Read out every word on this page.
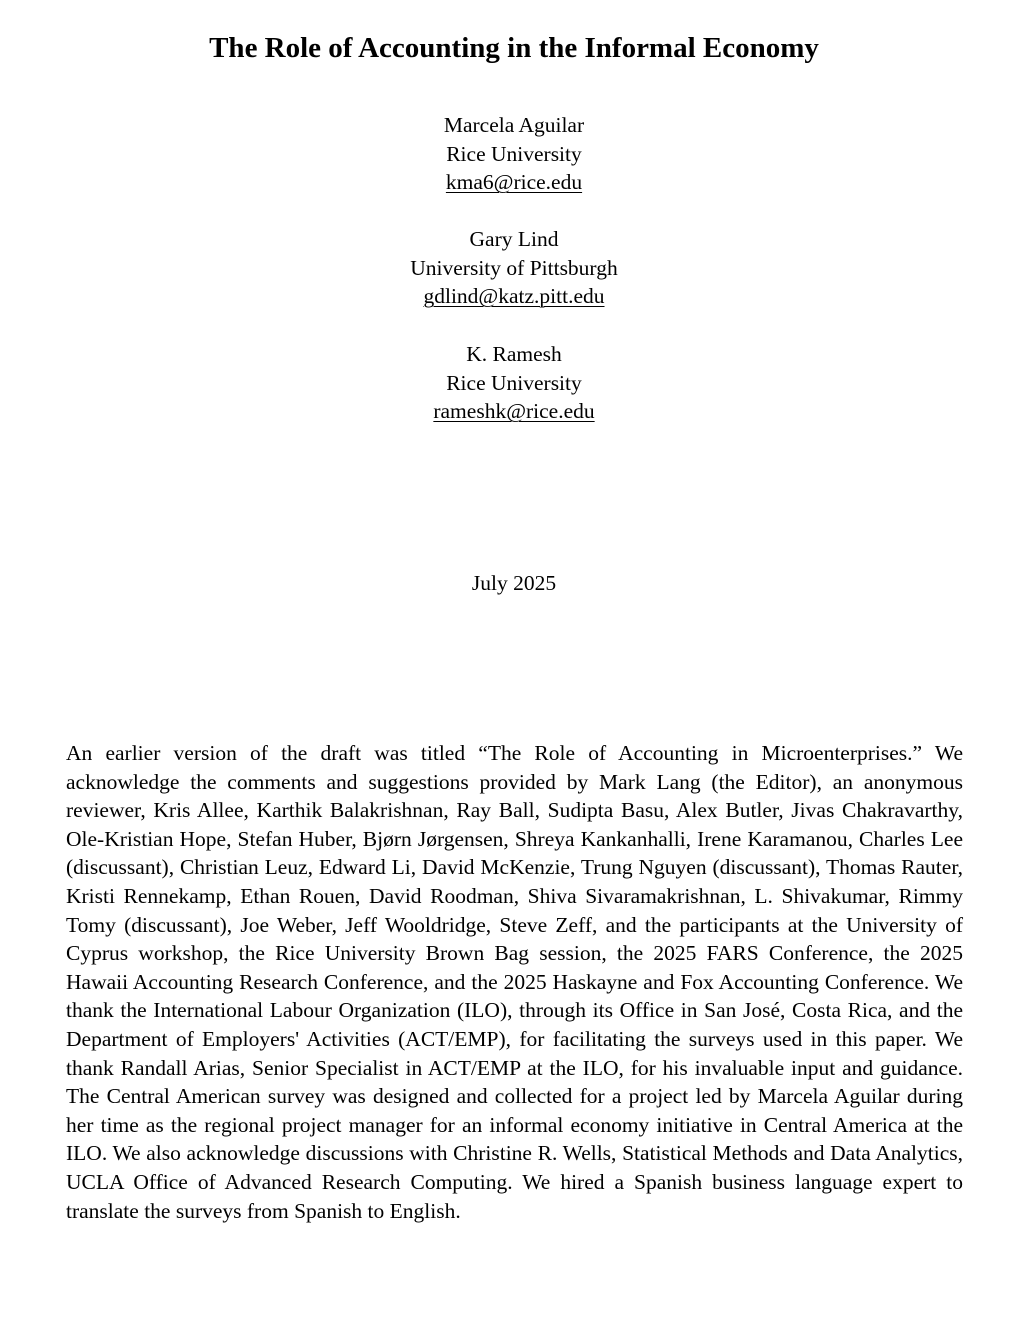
The Role of Accounting in the Informal Economy
Marcela Aguilar
Rice University
kma6@rice.edu
Gary Lind
University of Pittsburgh
gdlind@katz.pitt.edu
K. Ramesh
Rice University
rameshk@rice.edu
July 2025

An earlier version of the draft was titled “The Role of Accounting in Microenterprises.” We acknowledge the comments and suggestions provided by Mark Lang (the Editor), an anonymous reviewer, Kris Allee, Karthik Balakrishnan, Ray Ball, Sudipta Basu, Alex Butler, Jivas Chakravarthy, Ole-Kristian Hope, Stefan Huber, Bjørn Jørgensen, Shreya Kankanhalli, Irene Karamanou, Charles Lee (discussant), Christian Leuz, Edward Li, David McKenzie, Trung Nguyen (discussant), Thomas Rauter, Kristi Rennekamp, Ethan Rouen, David Roodman, Shiva Sivaramakrishnan, L. Shivakumar, Rimmy Tomy (discussant), Joe Weber, Jeff Wooldridge, Steve Zeff, and the participants at the University of Cyprus workshop, the Rice University Brown Bag session, the 2025 FARS Conference, the 2025 Hawaii Accounting Research Conference, and the 2025 Haskayne and Fox Accounting Conference. We thank the International Labour Organization (ILO), through its Office in San José, Costa Rica, and the Department of Employers' Activities (ACT/EMP), for facilitating the surveys used in this paper. We thank Randall Arias, Senior Specialist in ACT/EMP at the ILO, for his invaluable input and guidance. The Central American survey was designed and collected for a project led by Marcela Aguilar during her time as the regional project manager for an informal economy initiative in Central America at the ILO. We also acknowledge discussions with Christine R. Wells, Statistical Methods and Data Analytics, UCLA Office of Advanced Research Computing. We hired a Spanish business language expert to translate the surveys from Spanish to English.
